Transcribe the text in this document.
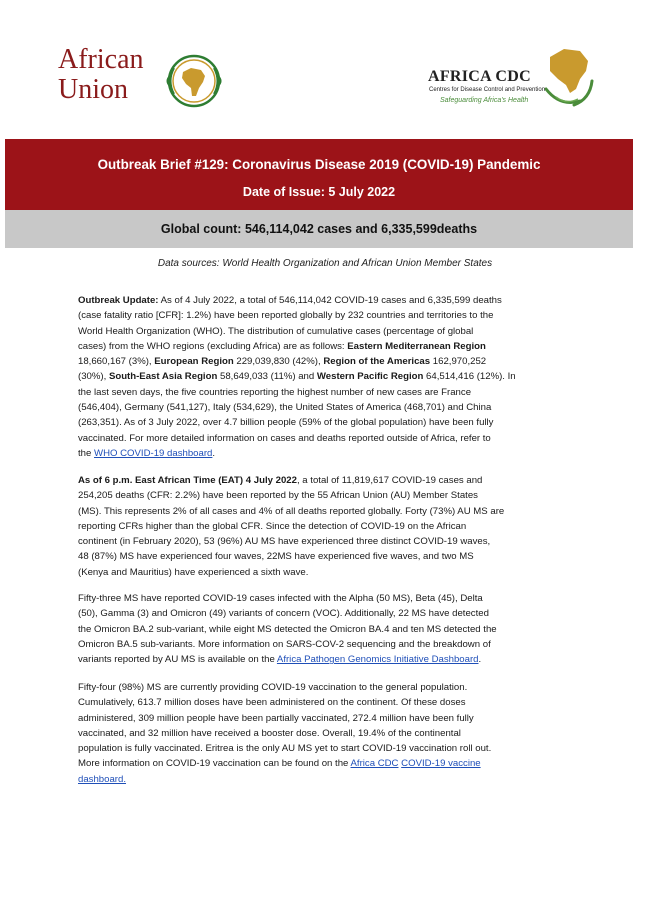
African
Union	AFRICA CDC
Centres for Disease Control and Prevention
Safeguarding Africa's Health
Outbreak Brief #129: Coronavirus Disease 2019 (COVID-19) Pandemic
Date of Issue: 5 July 2022
Global count: 546,114,042 cases and 6,335,599deaths
Data sources: World Health Organization and African Union Member States
Outbreak Update: As of 4 July 2022, a total of 546,114,042 COVID-19 cases and 6,335,599 deaths
(case fatality ratio [CFR]: 1.2%) have been reported globally by 232 countries and territories to the
World Health Organization (WHO). The distribution of cumulative cases (percentage of global
cases) from the WHO regions (excluding Africa) are as follows: Eastern Mediterranean Region
18,660,167 (3%), European Region 229,039,830 (42%), Region of the Americas 162,970,252
(30%), South-East Asia Region 58,649,033 (11%) and Western Pacific Region 64,514,416 (12%). In
the last seven days, the five countries reporting the highest number of new cases are France
(546,404), Germany (541,127), Italy (534,629), the United States of America (468,701) and China
(263,351). As of 3 July 2022, over 4.7 billion people (59% of the global population) have been fully
vaccinated. For more detailed information on cases and deaths reported outside of Africa, refer to
the WHO COVID-19 dashboard.
As of 6 p.m. East African Time (EAT) 4 July 2022, a total of 11,819,617 COVID-19 cases and
254,205 deaths (CFR: 2.2%) have been reported by the 55 African Union (AU) Member States
(MS). This represents 2% of all cases and 4% of all deaths reported globally. Forty (73%) AU MS are
reporting CFRs higher than the global CFR. Since the detection of COVID-19 on the African
continent (in February 2020), 53 (96%) AU MS have experienced three distinct COVID-19 waves,
48 (87%) MS have experienced four waves, 22MS have experienced five waves, and two MS
(Kenya and Mauritius) have experienced a sixth wave.
Fifty-three MS have reported COVID-19 cases infected with the Alpha (50 MS), Beta (45), Delta
(50), Gamma (3) and Omicron (49) variants of concern (VOC). Additionally, 22 MS have detected
the Omicron BA.2 sub-variant, while eight MS detected the Omicron BA.4 and ten MS detected the
Omicron BA.5 sub-variants. More information on SARS-COV-2 sequencing and the breakdown of
variants reported by AU MS is available on the Africa Pathogen Genomics Initiative Dashboard.
Fifty-four (98%) MS are currently providing COVID-19 vaccination to the general population.
Cumulatively, 613.7 million doses have been administered on the continent. Of these doses
administered, 309 million people have been partially vaccinated, 272.4 million have been fully
vaccinated, and 32 million have received a booster dose. Overall, 19.4% of the continental
population is fully vaccinated. Eritrea is the only AU MS yet to start COVID-19 vaccination roll out.
More information on COVID-19 vaccination can be found on the Africa CDC COVID-19 vaccine
dashboard.
